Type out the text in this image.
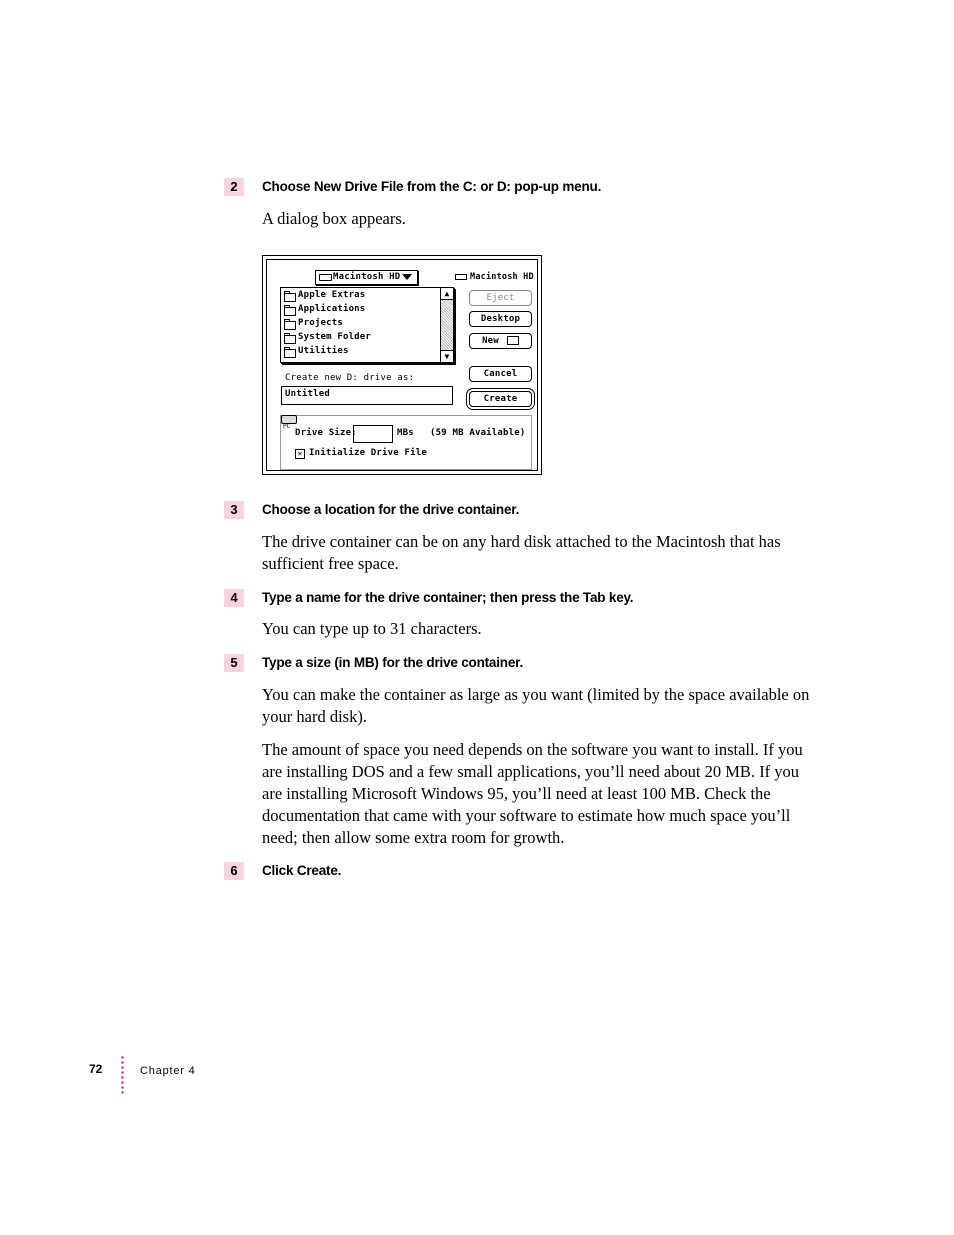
2	Choose New Drive File from the C: or D: pop-up menu.

A dialog box appears.

Macintosh HD	Macintosh HD
Apple Extras
Applications
Projects
System Folder
Utilities
▲
▼
Eject
Desktop
New
Cancel
Create
Create new D: drive as:
Untitled
PC
Drive Size:	MBs (59 MB Available)
✕ Initialize Drive File
3	Choose a location for the drive container.

The drive container can be on any hard disk attached to the Macintosh that has sufficient free space.

4	Type a name for the drive container; then press the Tab key.

You can type up to 31 characters.

5	Type a size (in MB) for the drive container.

You can make the container as large as you want (limited by the space available on your hard disk).

The amount of space you need depends on the software you want to install. If you are installing DOS and a few small applications, you’ll need about 20 MB. If you are installing Microsoft Windows 95, you’ll need at least 100 MB. Check the documentation that came with your software to estimate how much space you’ll need; then allow some extra room for growth.

6	Click Create.
72	Chapter 4
